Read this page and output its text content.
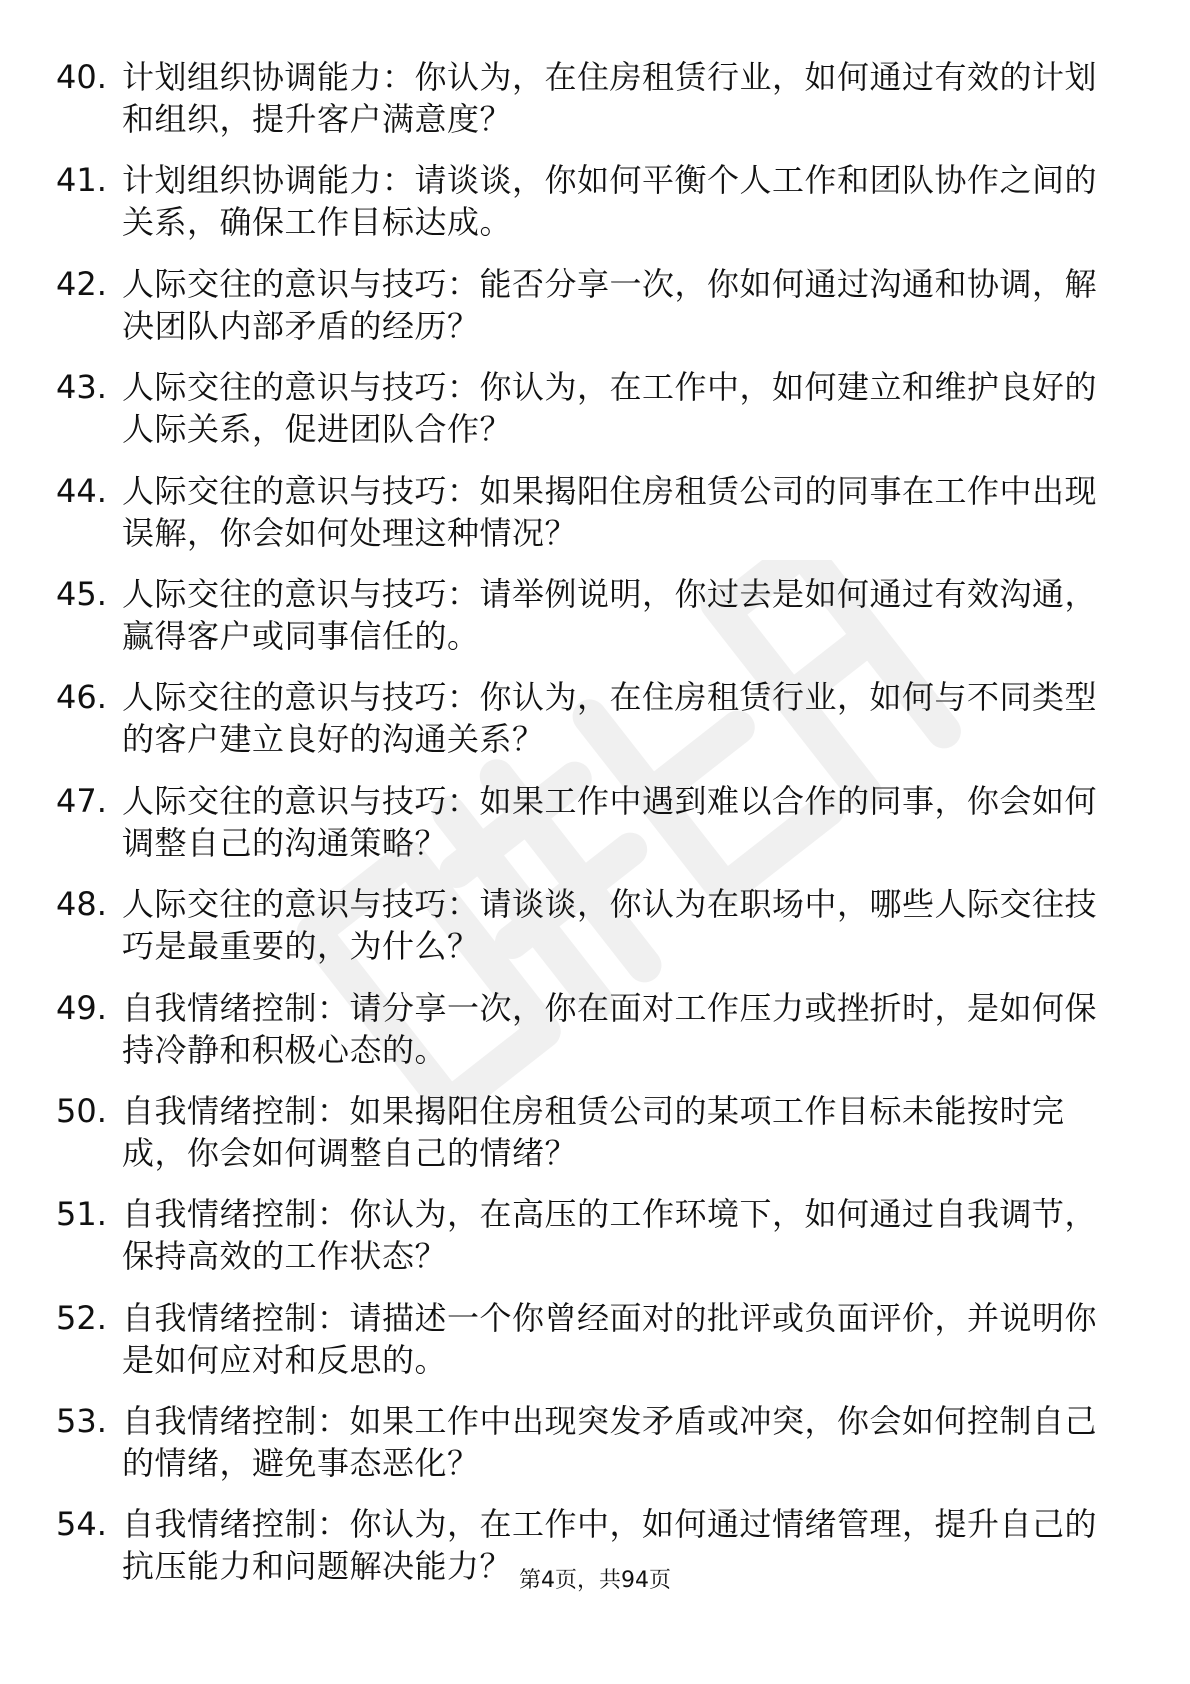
40. 计划组织协调能力：你认为，在住房租赁行业，如何通过有效的计划和组织，提升客户满意度？
41. 计划组织协调能力：请谈谈，你如何平衡个人工作和团队协作之间的关系，确保工作目标达成。
42. 人际交往的意识与技巧：能否分享一次，你如何通过沟通和协调，解决团队内部矛盾的经历？
43. 人际交往的意识与技巧：你认为，在工作中，如何建立和维护良好的人际关系，促进团队合作？
44. 人际交往的意识与技巧：如果揭阳住房租赁公司的同事在工作中出现误解，你会如何处理这种情况？
45. 人际交往的意识与技巧：请举例说明，你过去是如何通过有效沟通，赢得客户或同事信任的。
46. 人际交往的意识与技巧：你认为，在住房租赁行业，如何与不同类型的客户建立良好的沟通关系？
47. 人际交往的意识与技巧：如果工作中遇到难以合作的同事，你会如何调整自己的沟通策略？
48. 人际交往的意识与技巧：请谈谈，你认为在职场中，哪些人际交往技巧是最重要的，为什么？
49. 自我情绪控制：请分享一次，你在面对工作压力或挫折时，是如何保持冷静和积极心态的。
50. 自我情绪控制：如果揭阳住房租赁公司的某项工作目标未能按时完成，你会如何调整自己的情绪？
51. 自我情绪控制：你认为，在高压的工作环境下，如何通过自我调节，保持高效的工作状态？
52. 自我情绪控制：请描述一个你曾经面对的批评或负面评价，并说明你是如何应对和反思的。
53. 自我情绪控制：如果工作中出现突发矛盾或冲突，你会如何控制自己的情绪，避免事态恶化？
54. 自我情绪控制：你认为，在工作中，如何通过情绪管理，提升自己的抗压能力和问题解决能力？ 第4页，共94页
